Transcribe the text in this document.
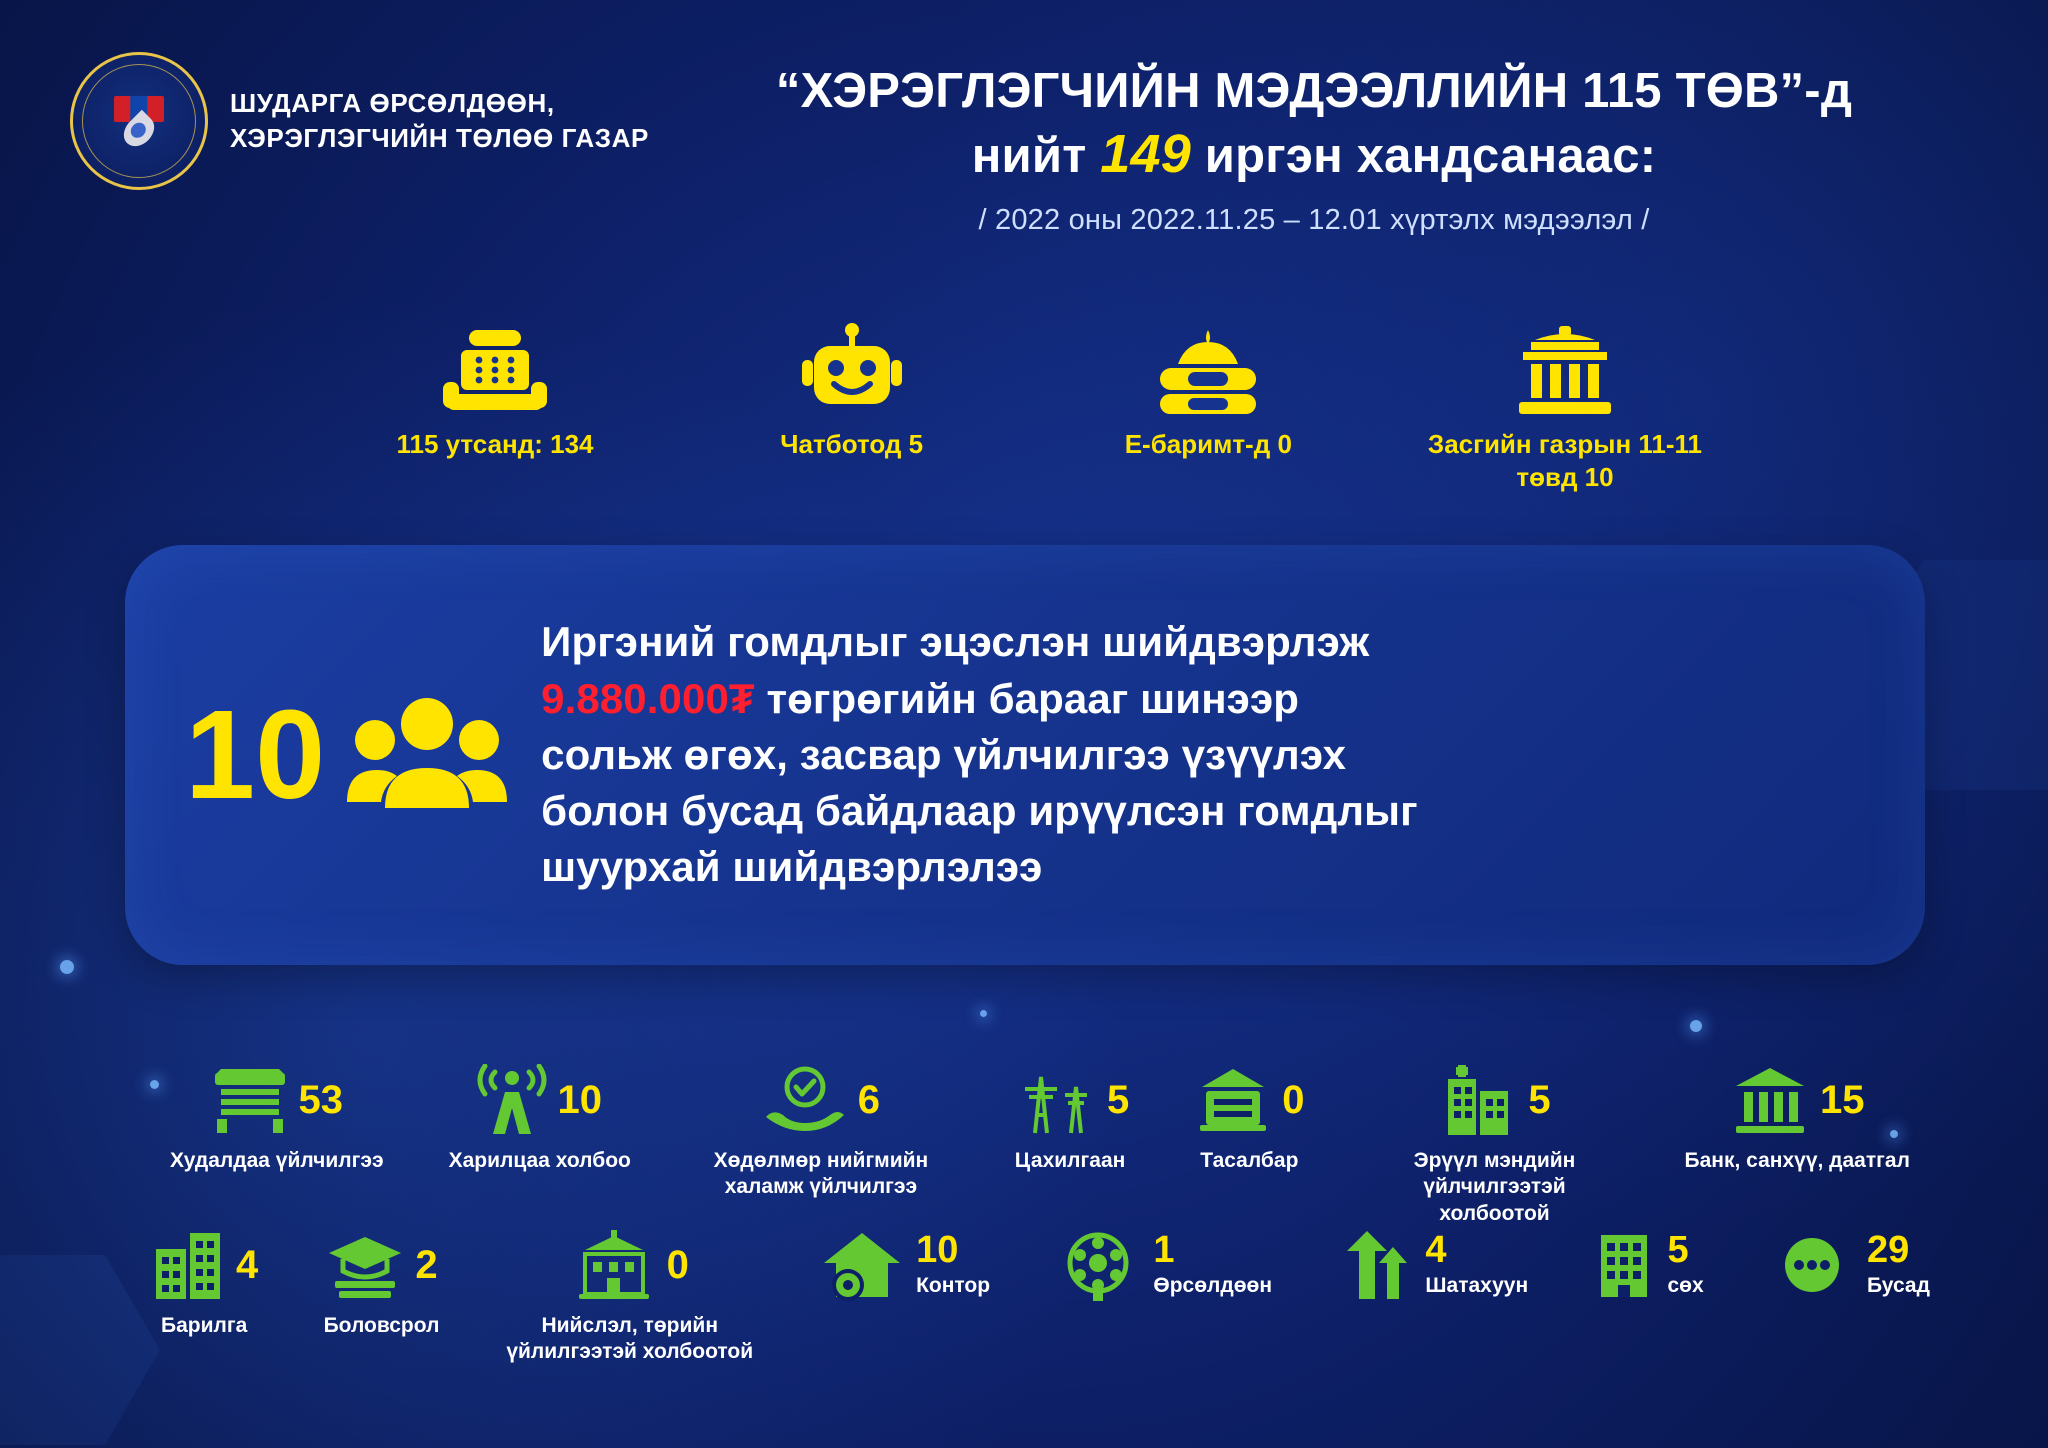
ШУДАРГА ӨРСӨЛДӨӨН,
ХЭРЭГЛЭГЧИЙН ТӨЛӨӨ ГАЗАР
“ХЭРЭГЛЭГЧИЙН МЭДЭЭЛЛИЙН 115 ТӨВ”-д
нийт 149 иргэн хандсанаас:
/ 2022 оны 2022.11.25 – 12.01 хүртэлх мэдээлэл /
115 утсанд: 134	Чатботод 5	Е-баримт-д 0	Засгийн газрын 11-11 төвд 10
10
Иргэний гомдлыг эцэслэн шийдвэрлэж
9.880.000₮ төгрөгийн барааг шинээр
сольж өгөх, засвар үйлчилгээ үзүүлэх
болон бусад байдлаар ирүүлсэн гомдлыг
шуурхай шийдвэрлэлээ
53
Худалдаа үйлчилгээ
10
Харилцаа холбоо
6
Хөдөлмөр нийгмийн халамж үйлчилгээ
5
Цахилгаан
0
Тасалбар
5
Эрүүл мэндийн үйлчилгээтэй холбоотой
15
Банк, санхүү, даатгал
4
Барилга
2
Боловсрол
0
Нийслэл, төрийн үйлилгээтэй холбоотой
10
Контор
1
Өрсөлдөөн
4
Шатахуун
5
сөх
29
Бусад
